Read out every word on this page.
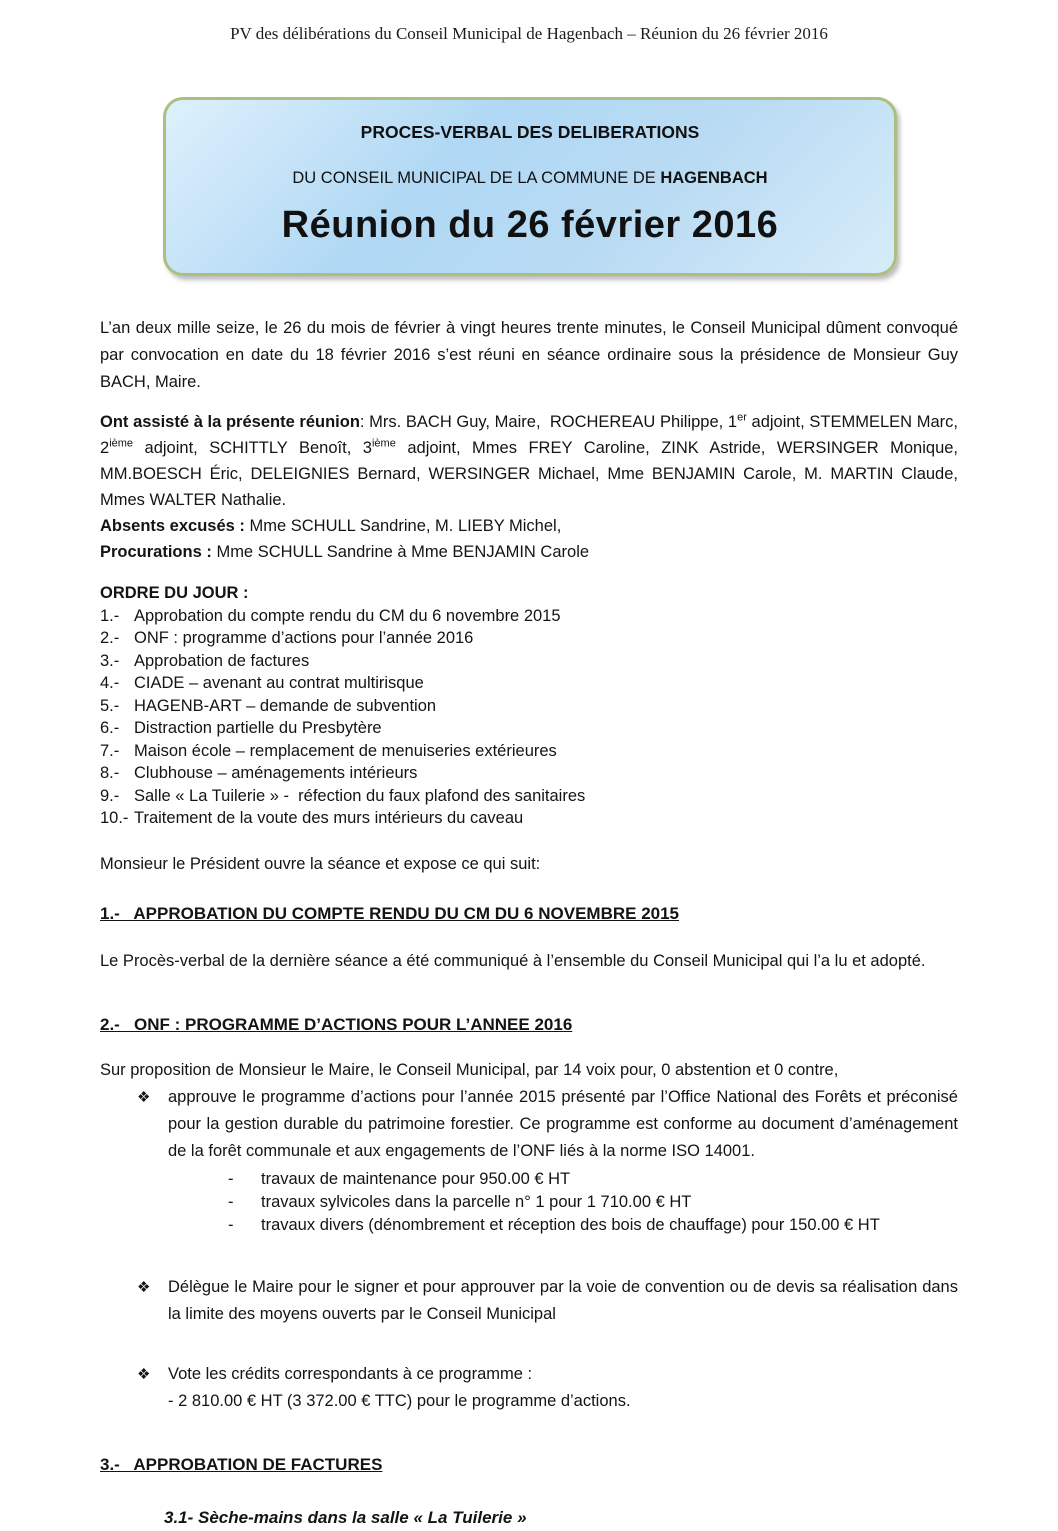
PV des délibérations du Conseil Municipal de Hagenbach – Réunion du 26 février 2016
PROCES-VERBAL DES DELIBERATIONS
DU CONSEIL MUNICIPAL DE LA COMMUNE DE HAGENBACH
Réunion du 26 février 2016

L’an deux mille seize, le 26 du mois de février à vingt heures trente minutes, le Conseil Municipal dûment convoqué par convocation en date du 18 février 2016 s’est réuni en séance ordinaire sous la présidence de Monsieur Guy BACH, Maire.

Ont assisté à la présente réunion: Mrs. BACH Guy, Maire,  ROCHEREAU Philippe, 1er adjoint, STEMMELEN Marc, 2ième adjoint, SCHITTLY Benoît, 3ième adjoint, Mmes FREY Caroline, ZINK Astride, WERSINGER Monique, MM.BOESCH Éric, DELEIGNIES Bernard, WERSINGER Michael, Mme BENJAMIN Carole, M. MARTIN Claude, Mmes WALTER Nathalie.

Absents excusés : Mme SCHULL Sandrine, M. LIEBY Michel,

Procurations : Mme SCHULL Sandrine à Mme BENJAMIN Carole

ORDRE DU JOUR :
1.- Approbation du compte rendu du CM du 6 novembre 2015
2.- ONF : programme d’actions pour l’année 2016
3.- Approbation de factures
4.- CIADE – avenant au contrat multirisque
5.- HAGENB-ART – demande de subvention
6.- Distraction partielle du Presbytère
7.- Maison école – remplacement de menuiseries extérieures
8.- Clubhouse – aménagements intérieurs
9.- Salle « La Tuilerie » -  réfection du faux plafond des sanitaires
10.- Traitement de la voute des murs intérieurs du caveau

Monsieur le Président ouvre la séance et expose ce qui suit:

1.-   APPROBATION DU COMPTE RENDU DU CM DU 6 NOVEMBRE 2015

Le Procès-verbal de la dernière séance a été communiqué à l’ensemble du Conseil Municipal qui l’a lu et adopté.

2.-   ONF : PROGRAMME D’ACTIONS POUR L’ANNEE 2016

Sur proposition de Monsieur le Maire, le Conseil Municipal, par 14 voix pour, 0 abstention et 0 contre,

❖	approuve le programme d’actions pour l’année 2015 présenté par l’Office National des Forêts et préconisé pour la gestion durable du patrimoine forestier. Ce programme est conforme au document d’aménagement de la forêt communale et aux engagements de l’ONF liés à la norme ISO 14001.
-	travaux de maintenance pour 950.00 € HT
-	travaux sylvicoles dans la parcelle n° 1 pour 1 710.00 € HT
-	travaux divers (dénombrement et réception des bois de chauffage) pour 150.00 € HT
❖	Délègue le Maire pour le signer et pour approuver par la voie de convention ou de devis sa réalisation dans la limite des moyens ouverts par le Conseil Municipal
❖	Vote les crédits correspondants à ce programme :
- 2 810.00 € HT (3 372.00 € TTC) pour le programme d’actions.
3.-   APPROBATION DE FACTURES
3.1- Sèche-mains dans la salle « La Tuilerie »
